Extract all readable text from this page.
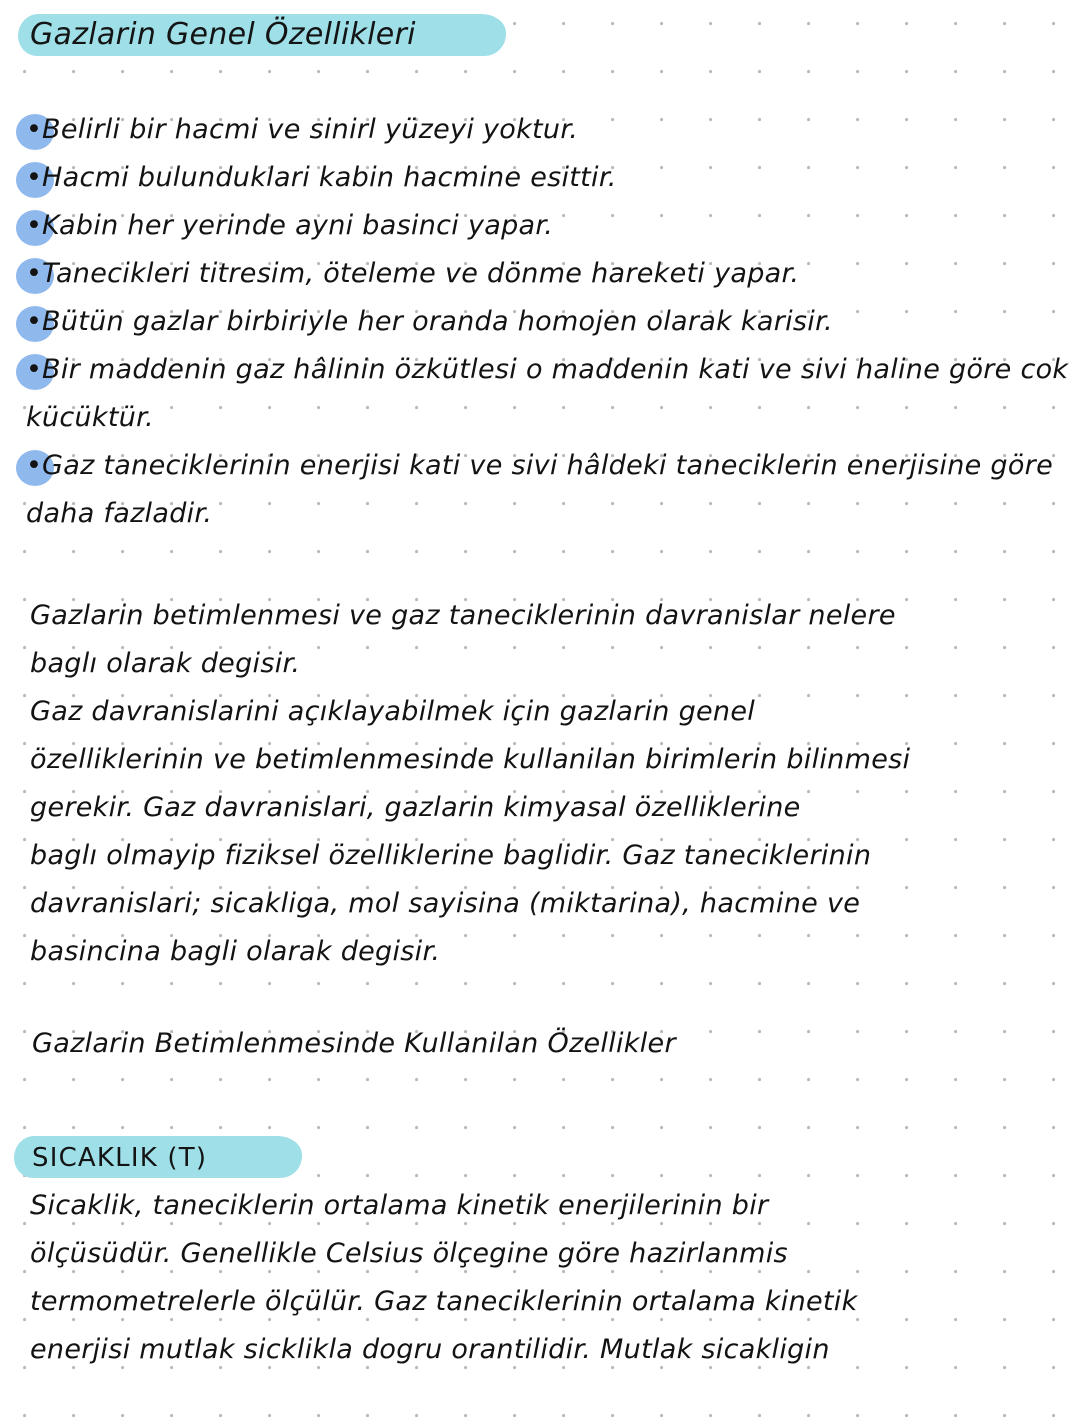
Gazlarin Genel Özellikleri
•Belirli bir hacmi ve sinirl yüzeyi yoktur.
•Hacmi bulunduklari kabin hacmine esittir.
•Kabin her yerinde ayni basinci yapar.
•Tanecikleri titresim, öteleme ve dönme hareketi yapar.
•Bütün gazlar birbiriyle her oranda homojen olarak karisir.
•Bir maddenin gaz hâlinin özkütlesi o maddenin kati ve sivi haline göre cok kücüktür.
•Gaz taneciklerinin enerjisi kati ve sivi hâldeki taneciklerin enerjisine göre daha fazladir.
Gazlarin betimlenmesi ve gaz taneciklerinin davranislar nelere
baglı olarak degisir.
Gaz davranislarini açıklayabilmek için gazlarin genel
özelliklerinin ve betimlenmesinde kullanilan birimlerin bilinmesi
gerekir. Gaz davranislari, gazlarin kimyasal özelliklerine
baglı olmayip fiziksel özelliklerine baglidir. Gaz taneciklerinin
davranislari; sicakliga, mol sayisina (miktarina), hacmine ve
basincina bagli olarak degisir.
Gazlarin Betimlenmesinde Kullanilan Özellikler
SICAKLIK (T)
Sicaklik, taneciklerin ortalama kinetik enerjilerinin bir
ölçüsüdür. Genellikle Celsius ölçegine göre hazirlanmis
termometrelerle ölçülür. Gaz taneciklerinin ortalama kinetik
enerjisi mutlak sicklikla dogru orantilidir. Mutlak sicakligin
